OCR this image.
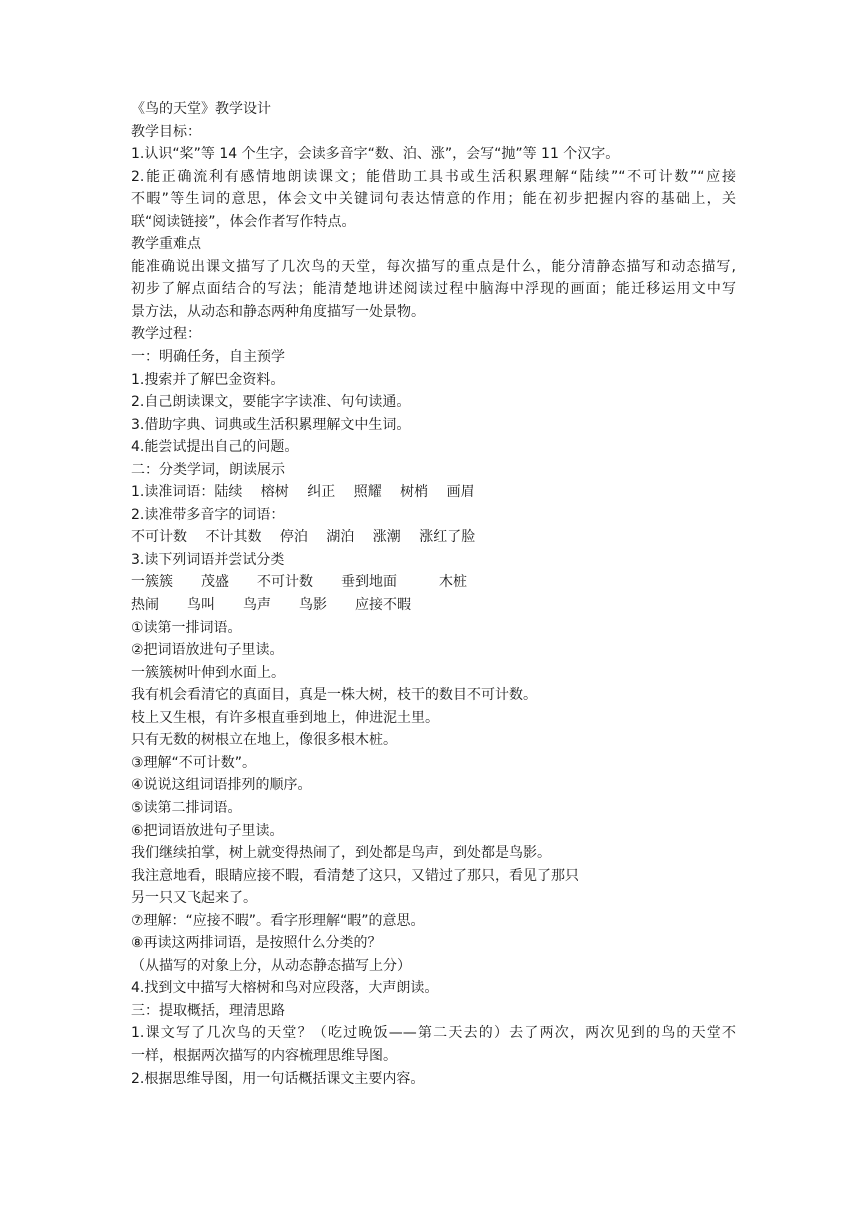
《鸟的天堂》教学设计
教学目标：
1.认识“桨”等 14 个生字，会读多音字“数、泊、涨”，会写“抛”等 11 个汉字。
2.能正确流利有感情地朗读课文；能借助工具书或生活积累理解“陆续”“不可计数”“应接
不暇”等生词的意思，体会文中关键词句表达情意的作用；能在初步把握内容的基础上，关
联“阅读链接”，体会作者写作特点。
教学重难点
能准确说出课文描写了几次鸟的天堂，每次描写的重点是什么，能分清静态描写和动态描写,
初步了解点面结合的写法；能清楚地讲述阅读过程中脑海中浮现的画面；能迁移运用文中写
景方法，从动态和静态两种角度描写一处景物。
教学过程：
一：明确任务，自主预学
1.搜索并了解巴金资料。
2.自己朗读课文，要能字字读准、句句读通。
3.借助字典、词典或生活积累理解文中生词。
4.能尝试提出自己的问题。
二：分类学词，朗读展示
1.读准词语：陆续　 榕树　 纠正　 照耀　 树梢　 画眉
2.读准带多音字的词语：
不可计数　 不计其数　 停泊　 湖泊　 涨潮　 涨红了脸
3.读下列词语并尝试分类
一簇簇　　茂盛　　不可计数　　垂到地面　　　木桩
热闹　　鸟叫　　鸟声　　鸟影　　应接不暇
①读第一排词语。
②把词语放进句子里读。
一簇簇树叶伸到水面上。
我有机会看清它的真面目，真是一株大树，枝干的数目不可计数。
枝上又生根，有许多根直垂到地上，伸进泥土里。
只有无数的树根立在地上，像很多根木桩。
③理解“不可计数”。
④说说这组词语排列的顺序。
⑤读第二排词语。
⑥把词语放进句子里读。
我们继续拍掌，树上就变得热闹了，到处都是鸟声，到处都是鸟影。
我注意地看，眼睛应接不暇，看清楚了这只，又错过了那只，看见了那只
另一只又飞起来了。
⑦理解：“应接不暇”。看字形理解“暇”的意思。
⑧再读这两排词语，是按照什么分类的？
（从描写的对象上分，从动态静态描写上分）
4.找到文中描写大榕树和鸟对应段落，大声朗读。
三：提取概括，理清思路
1.课文写了几次鸟的天堂？（吃过晚饭——第二天去的）去了两次，两次见到的鸟的天堂不
一样，根据两次描写的内容梳理思维导图。
2.根据思维导图，用一句话概括课文主要内容。
